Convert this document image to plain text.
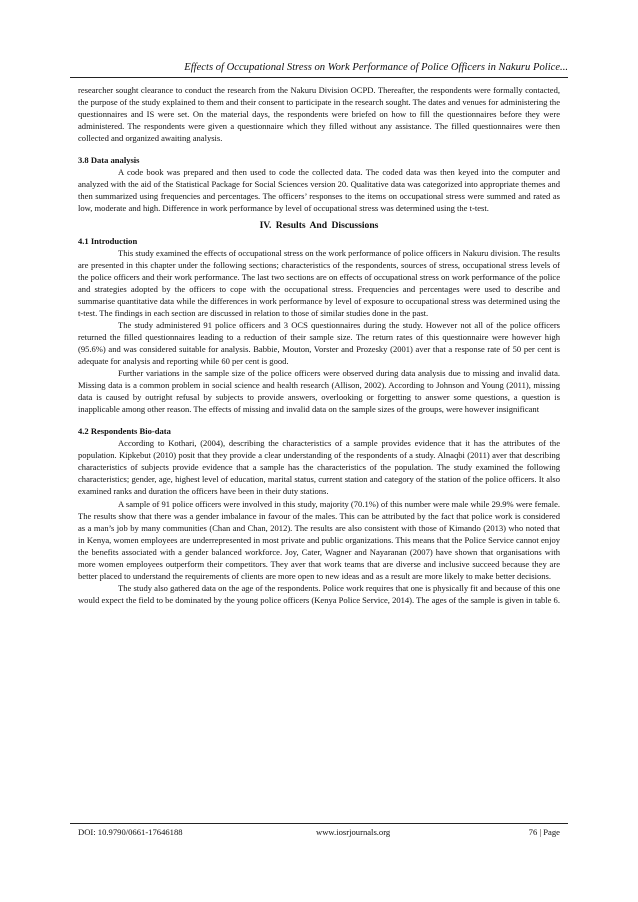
Effects of Occupational Stress on Work Performance of Police Officers in Nakuru Police...

researcher sought clearance to conduct the research from the Nakuru Division OCPD. Thereafter, the respondents were formally contacted, the purpose of the study explained to them and their consent to participate in the research sought. The dates and venues for administering the questionnaires and IS were set. On the material days, the respondents were briefed on how to fill the questionnaires before they were administered. The respondents were given a questionnaire which they filled without any assistance. The filled questionnaires were then collected and organized awaiting analysis.

3.8 Data analysis

A code book was prepared and then used to code the collected data. The coded data was then keyed into the computer and analyzed with the aid of the Statistical Package for Social Sciences version 20. Qualitative data was categorized into appropriate themes and then summarized using frequencies and percentages. The officers’ responses to the items on occupational stress were summed and rated as low, moderate and high. Difference in work performance by level of occupational stress was determined using the t-test.

IV. Results And Discussions

4.1 Introduction

This study examined the effects of occupational stress on the work performance of police officers in Nakuru division. The results are presented in this chapter under the following sections; characteristics of the respondents, sources of stress, occupational stress levels of the police officers and their work performance. The last two sections are on effects of occupational stress on work performance of the police and strategies adopted by the officers to cope with the occupational stress. Frequencies and percentages were used to describe and summarise quantitative data while the differences in work performance by level of exposure to occupational stress was determined using the t-test. The findings in each section are discussed in relation to those of similar studies done in the past.

The study administered 91 police officers and 3 OCS questionnaires during the study. However not all of the police officers returned the filled questionnaires leading to a reduction of their sample size. The return rates of this questionnaire were however high (95.6%) and was considered suitable for analysis. Babbie, Mouton, Vorster and Prozesky (2001) aver that a response rate of 50 per cent is adequate for analysis and reporting while 60 per cent is good.

Further variations in the sample size of the police officers were observed during data analysis due to missing and invalid data. Missing data is a common problem in social science and health research (Allison, 2002). According to Johnson and Young (2011), missing data is caused by outright refusal by subjects to provide answers, overlooking or forgetting to answer some questions, a question is inapplicable among other reason. The effects of missing and invalid data on the sample sizes of the groups, were however insignificant

4.2 Respondents Bio-data

According to Kothari, (2004), describing the characteristics of a sample provides evidence that it has the attributes of the population. Kipkebut (2010) posit that they provide a clear understanding of the respondents of a study. Alnaqbi (2011) aver that describing characteristics of subjects provide evidence that a sample has the characteristics of the population. The study examined the following characteristics; gender, age, highest level of education, marital status, current station and category of the station of the police officers. It also examined ranks and duration the officers have been in their duty stations.

A sample of 91 police officers were involved in this study, majority (70.1%) of this number were male while 29.9% were female. The results show that there was a gender imbalance in favour of the males. This can be attributed by the fact that police work is considered as a man’s job by many communities (Chan and Chan, 2012). The results are also consistent with those of Kimando (2013) who noted that in Kenya, women employees are underrepresented in most private and public organizations. This means that the Police Service cannot enjoy the benefits associated with a gender balanced workforce. Joy, Cater, Wagner and Nayaranan (2007) have shown that organisations with more women employees outperform their competitors. They aver that work teams that are diverse and inclusive succeed because they are better placed to understand the requirements of clients are more open to new ideas and as a result are more likely to make better decisions.

The study also gathered data on the age of the respondents. Police work requires that one is physically fit and because of this one would expect the field to be dominated by the young police officers (Kenya Police Service, 2014). The ages of the sample is given in table 6.

DOI: 10.9790/0661-17646188	www.iosrjournals.org	76 | Page
